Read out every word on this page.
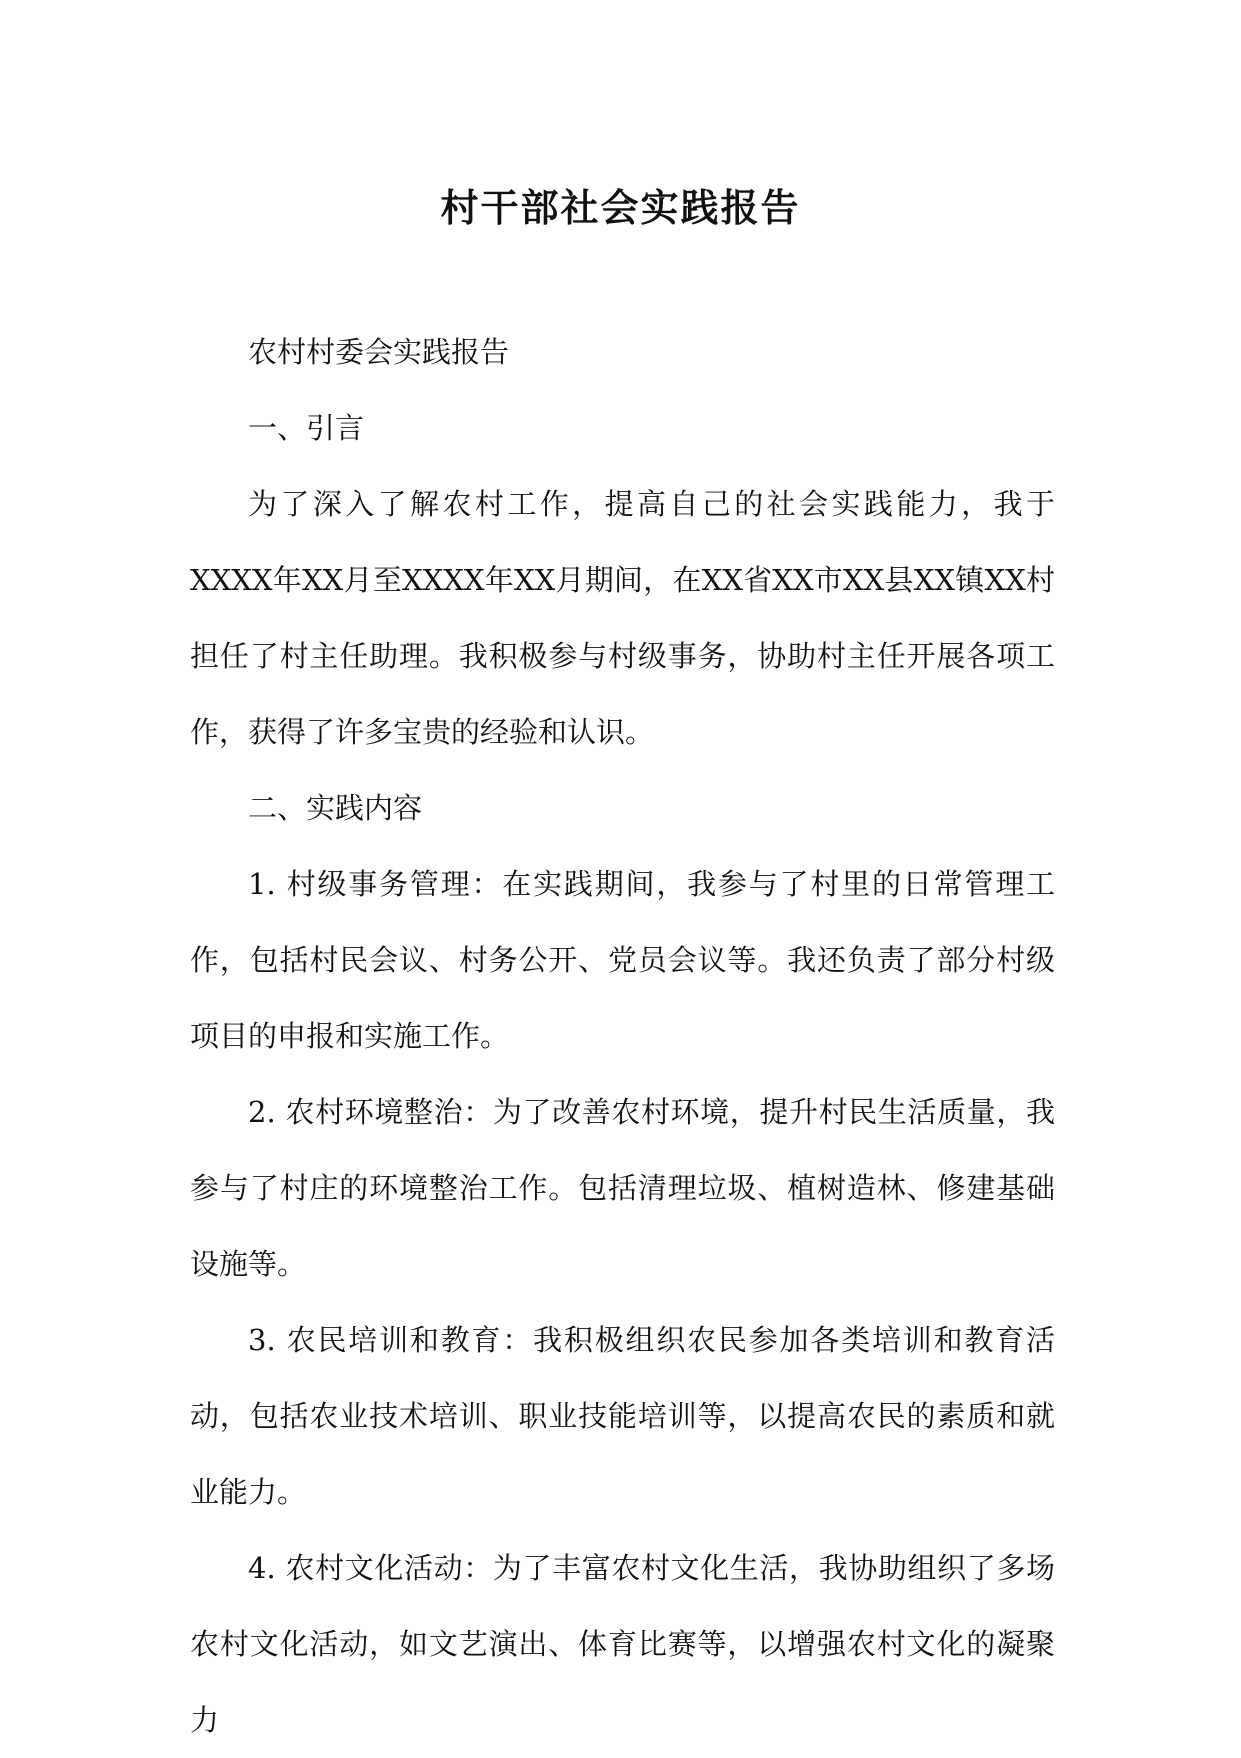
村干部社会实践报告

农村村委会实践报告

一、引言

为了深入了解农村工作，提高自己的社会实践能力，我于XXXX年XX月至XXXX年XX月期间，在XX省XX市XX县XX镇XX村担任了村主任助理。我积极参与村级事务，协助村主任开展各项工作，获得了许多宝贵的经验和认识。

二、实践内容

1. 村级事务管理：在实践期间，我参与了村里的日常管理工作，包括村民会议、村务公开、党员会议等。我还负责了部分村级项目的申报和实施工作。

2. 农村环境整治：为了改善农村环境，提升村民生活质量，我参与了村庄的环境整治工作。包括清理垃圾、植树造林、修建基础设施等。

3. 农民培训和教育：我积极组织农民参加各类培训和教育活动，包括农业技术培训、职业技能培训等，以提高农民的素质和就业能力。

4. 农村文化活动：为了丰富农村文化生活，我协助组织了多场农村文化活动，如文艺演出、体育比赛等，以增强农村文化的凝聚力
